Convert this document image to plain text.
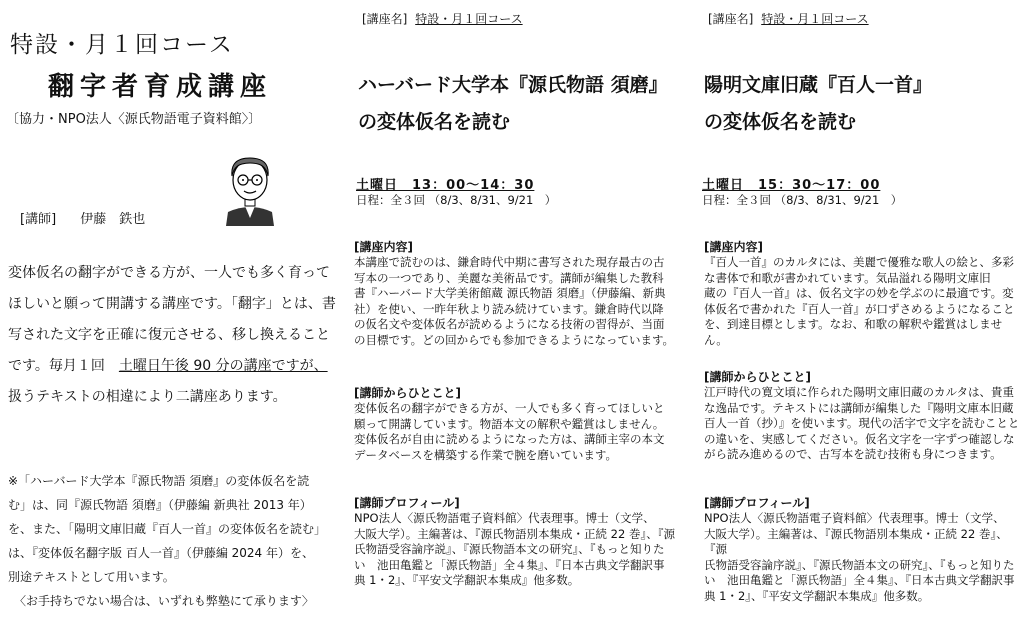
特設・月１回コース
翻字者育成講座
〔協力・NPO法人〈源氏物語電子資料館〉〕
[講師] 伊藤　鉄也
変体仮名の翻字ができる方が、一人でも多く育って
ほしいと願って開講する講座です。「翻字」とは、書
写された文字を正確に復元させる、移し換えること
です。毎月１回　土曜日午後 90 分の講座ですが、
扱うテキストの相違により二講座あります。
※「ハーバード大学本『源氏物語 須磨』の変体仮名を読
む」は、同『源氏物語 須磨』（伊藤編 新典社 2013 年）
を、また、「陽明文庫旧蔵『百人一首』の変体仮名を読む」
は、『変体仮名翻字版 百人一首』（伊藤編 2024 年）を、
別途テキストとして用います。
〈お手持ちでない場合は、いずれも弊塾にて承ります〉
[講座名] 特設・月１回コース
ハーバード大学本『源氏物語 須磨』
の変体仮名を読む
土曜日　13：00〜14：30
日程：全３回 （8/3、8/31、9/21　）
[講座内容]
本講座で読むのは、鎌倉時代中期に書写された現存最古の古
写本の一つであり、美麗な美術品です。講師が編集した教科
書『ハーバード大学美術館蔵 源氏物語 須磨』（伊藤編、新典
社）を使い、一昨年秋より読み続けています。鎌倉時代以降
の仮名文や変体仮名が読めるようになる技術の習得が、当面
の目標です。どの回からでも参加できるようになっています。
[講師からひとこと]
変体仮名の翻字ができる方が、一人でも多く育ってほしいと
願って開講しています。物語本文の解釈や鑑賞はしません。
変体仮名が自由に読めるようになった方は、講師主宰の本文
データベースを構築する作業で腕を磨いています。
[講師プロフィール]
NPO法人〈源氏物語電子資料館〉代表理事。博士（文学、
大阪大学）。主編著は、『源氏物語別本集成・正続 22 巻』、『源
氏物語受容論序説』、『源氏物語本文の研究』、『もっと知りた
い　池田亀鑑と「源氏物語」全４集』、『日本古典文学翻訳事
典 1・2』、『平安文学翻訳本集成』他多数。
[講座名] 特設・月１回コース
陽明文庫旧蔵『百人一首』
の変体仮名を読む
土曜日　15：30〜17：00
日程：全３回 （8/3、8/31、9/21　）
[講座内容]
『百人一首』のカルタには、美麗で優雅な歌人の絵と、多彩
な書体で和歌が書かれています。気品溢れる陽明文庫旧
蔵の『百人一首』は、仮名文字の妙を学ぶのに最適です。変
体仮名で書かれた『百人一首』が口ずさめるようになること
を、到達目標とします。なお、和歌の解釈や鑑賞はしません。
[講師からひとこと]
江戸時代の寛文頃に作られた陽明文庫旧蔵のカルタは、貴重
な逸品です。テキストには講師が編集した『陽明文庫本旧蔵
百人一首（抄）』を使います。現代の活字で文字を読むことと
の違いを、実感してください。仮名文字を一字ずつ確認しな
がら読み進めるので、古写本を読む技術も身につきます。
[講師プロフィール]
NPO法人〈源氏物語電子資料館〉代表理事。博士（文学、
大阪大学）。主編著は、『源氏物語別本集成・正続 22 巻』、『源
氏物語受容論序説』、『源氏物語本文の研究』、『もっと知りた
い　池田亀鑑と「源氏物語」全４集』、『日本古典文学翻訳事
典 1・2』、『平安文学翻訳本集成』他多数。
